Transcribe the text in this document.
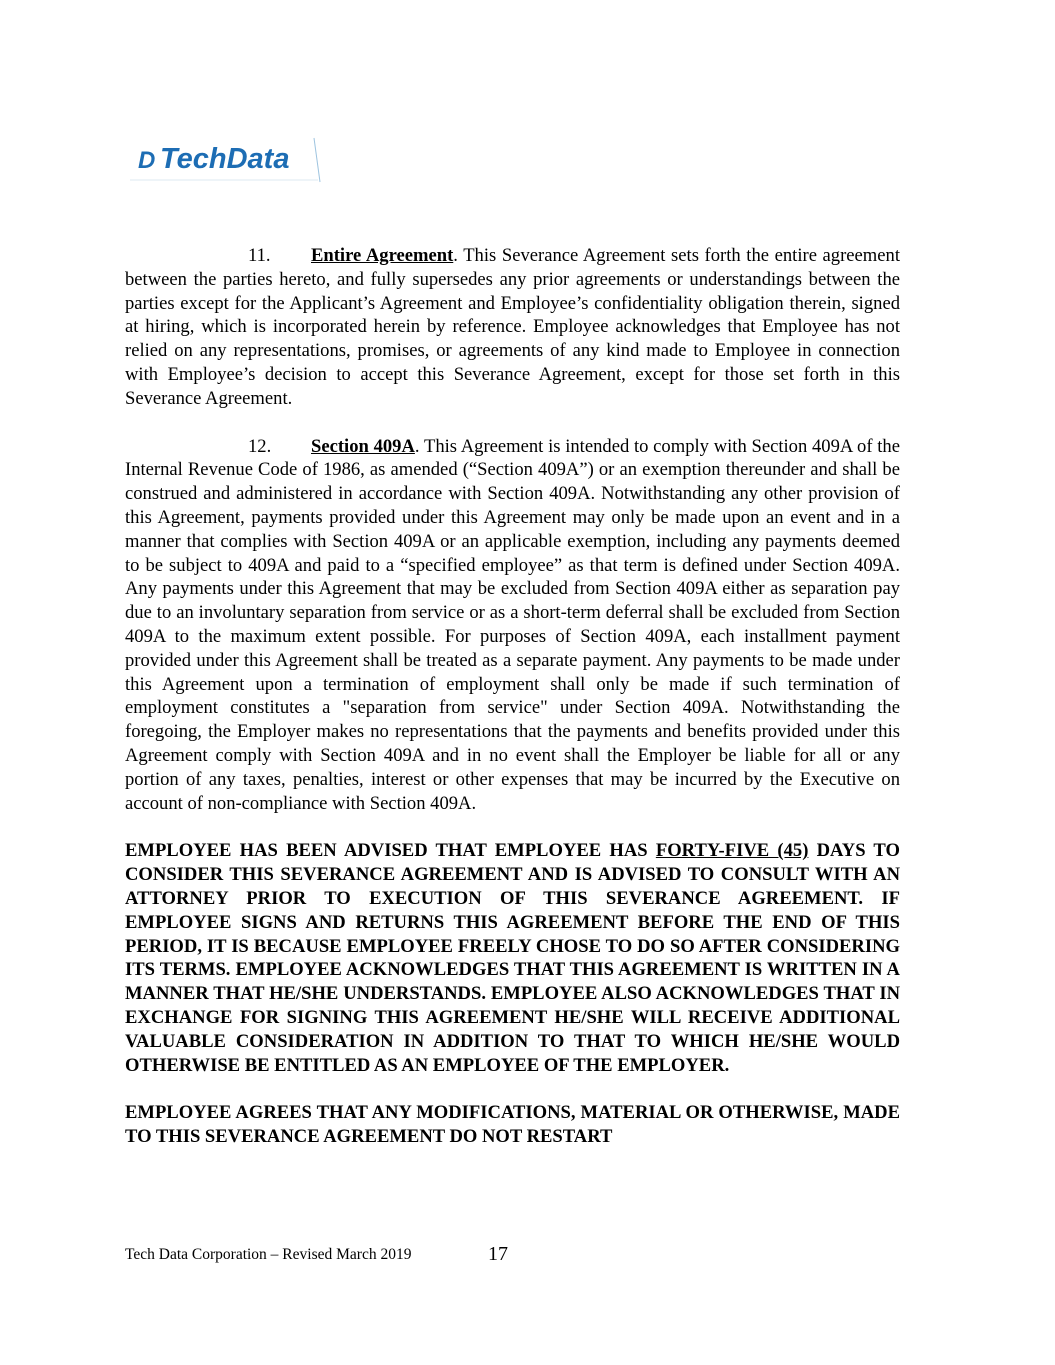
D TechData

11. Entire Agreement. This Severance Agreement sets forth the entire agreement between the parties hereto, and fully supersedes any prior agreements or understandings between the parties except for the Applicant’s Agreement and Employee’s confidentiality obligation therein, signed at hiring, which is incorporated herein by reference. Employee acknowledges that Employee has not relied on any representations, promises, or agreements of any kind made to Employee in connection with Employee’s decision to accept this Severance Agreement, except for those set forth in this Severance Agreement.

12. Section 409A. This Agreement is intended to comply with Section 409A of the Internal Revenue Code of 1986, as amended (“Section 409A”) or an exemption thereunder and shall be construed and administered in accordance with Section 409A. Notwithstanding any other provision of this Agreement, payments provided under this Agreement may only be made upon an event and in a manner that complies with Section 409A or an applicable exemption, including any payments deemed to be subject to 409A and paid to a “specified employee” as that term is defined under Section 409A. Any payments under this Agreement that may be excluded from Section 409A either as separation pay due to an involuntary separation from service or as a short-term deferral shall be excluded from Section 409A to the maximum extent possible. For purposes of Section 409A, each installment payment provided under this Agreement shall be treated as a separate payment. Any payments to be made under this Agreement upon a termination of employment shall only be made if such termination of employment constitutes a "separation from service" under Section 409A. Notwithstanding the foregoing, the Employer makes no representations that the payments and benefits provided under this Agreement comply with Section 409A and in no event shall the Employer be liable for all or any portion of any taxes, penalties, interest or other expenses that may be incurred by the Executive on account of non-compliance with Section 409A.

EMPLOYEE HAS BEEN ADVISED THAT EMPLOYEE HAS FORTY-FIVE (45) DAYS TO CONSIDER THIS SEVERANCE AGREEMENT AND IS ADVISED TO CONSULT WITH AN ATTORNEY PRIOR TO EXECUTION OF THIS SEVERANCE AGREEMENT. IF EMPLOYEE SIGNS AND RETURNS THIS AGREEMENT BEFORE THE END OF THIS PERIOD, IT IS BECAUSE EMPLOYEE FREELY CHOSE TO DO SO AFTER CONSIDERING ITS TERMS. EMPLOYEE ACKNOWLEDGES THAT THIS AGREEMENT IS WRITTEN IN A MANNER THAT HE/SHE UNDERSTANDS. EMPLOYEE ALSO ACKNOWLEDGES THAT IN EXCHANGE FOR SIGNING THIS AGREEMENT HE/SHE WILL RECEIVE ADDITIONAL VALUABLE CONSIDERATION IN ADDITION TO THAT TO WHICH HE/SHE WOULD OTHERWISE BE ENTITLED AS AN EMPLOYEE OF THE EMPLOYER.

EMPLOYEE AGREES THAT ANY MODIFICATIONS, MATERIAL OR OTHERWISE, MADE TO THIS SEVERANCE AGREEMENT DO NOT RESTART

Tech Data Corporation – Revised March 2019	17
